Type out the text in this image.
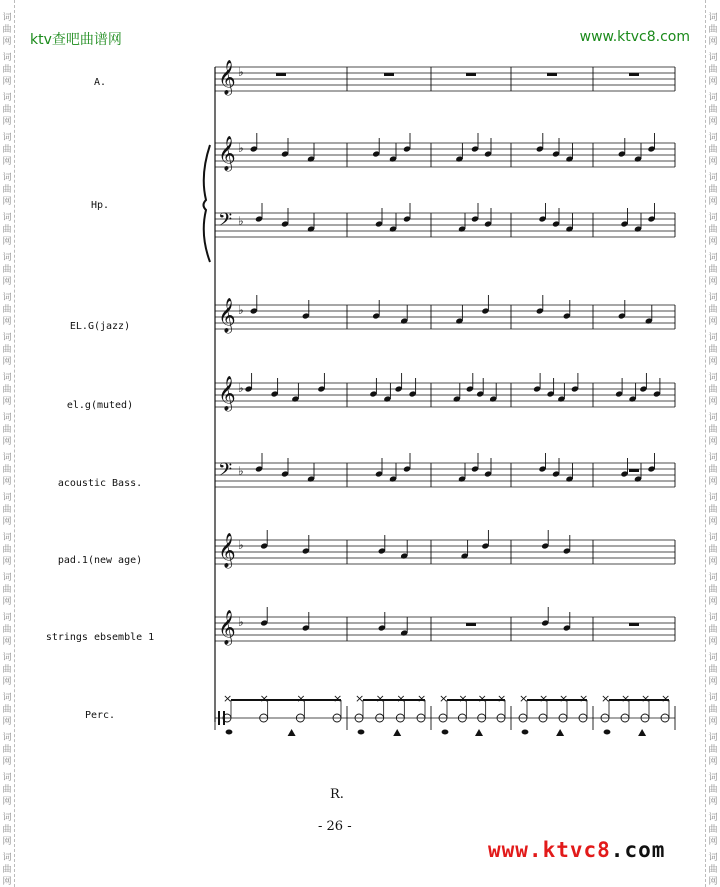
ktv查吧曲谱网	www.ktvc8.com
A.
Hp.
EL.G(jazz)
el.g(muted)
acoustic Bass.
pad.1(new age)
strings ebsemble 1
Perc.
𝄞 ♭
𝄞 ♭
𝄢 ♭
𝄞 ♭
𝄞 ♭
𝄢 ♭
𝄞 ♭
𝄞 ♭
× × × × × × × × × × × × × × × × × × × ×
R.
- 26 -
www.ktvc8.com
词
曲
网
词
曲
网
词
曲
网
词
曲
网
词
曲
网
词
曲
网
词
曲
网
词
曲
网
词
曲
网
词
曲
网
词
曲
网
词
曲
网
词
曲
网
词
曲
网
词
曲
网
词
曲
网
词
曲
网
词
曲
网
词
曲
网
词
曲
网
词
曲
网
词
曲
网
词
曲
网
词
曲
网
词
曲
网
词
曲
网
词
曲
网
词
曲
网
词
曲
网
词
曲
网
词
曲
网
词
曲
网
词
曲
网
词
曲
网
词
曲
网
词
曲
网
词
曲
网
词
曲
网
词
曲
网
词
曲
网
词
曲
网
词
曲
网
词
曲
网
词
曲
网
